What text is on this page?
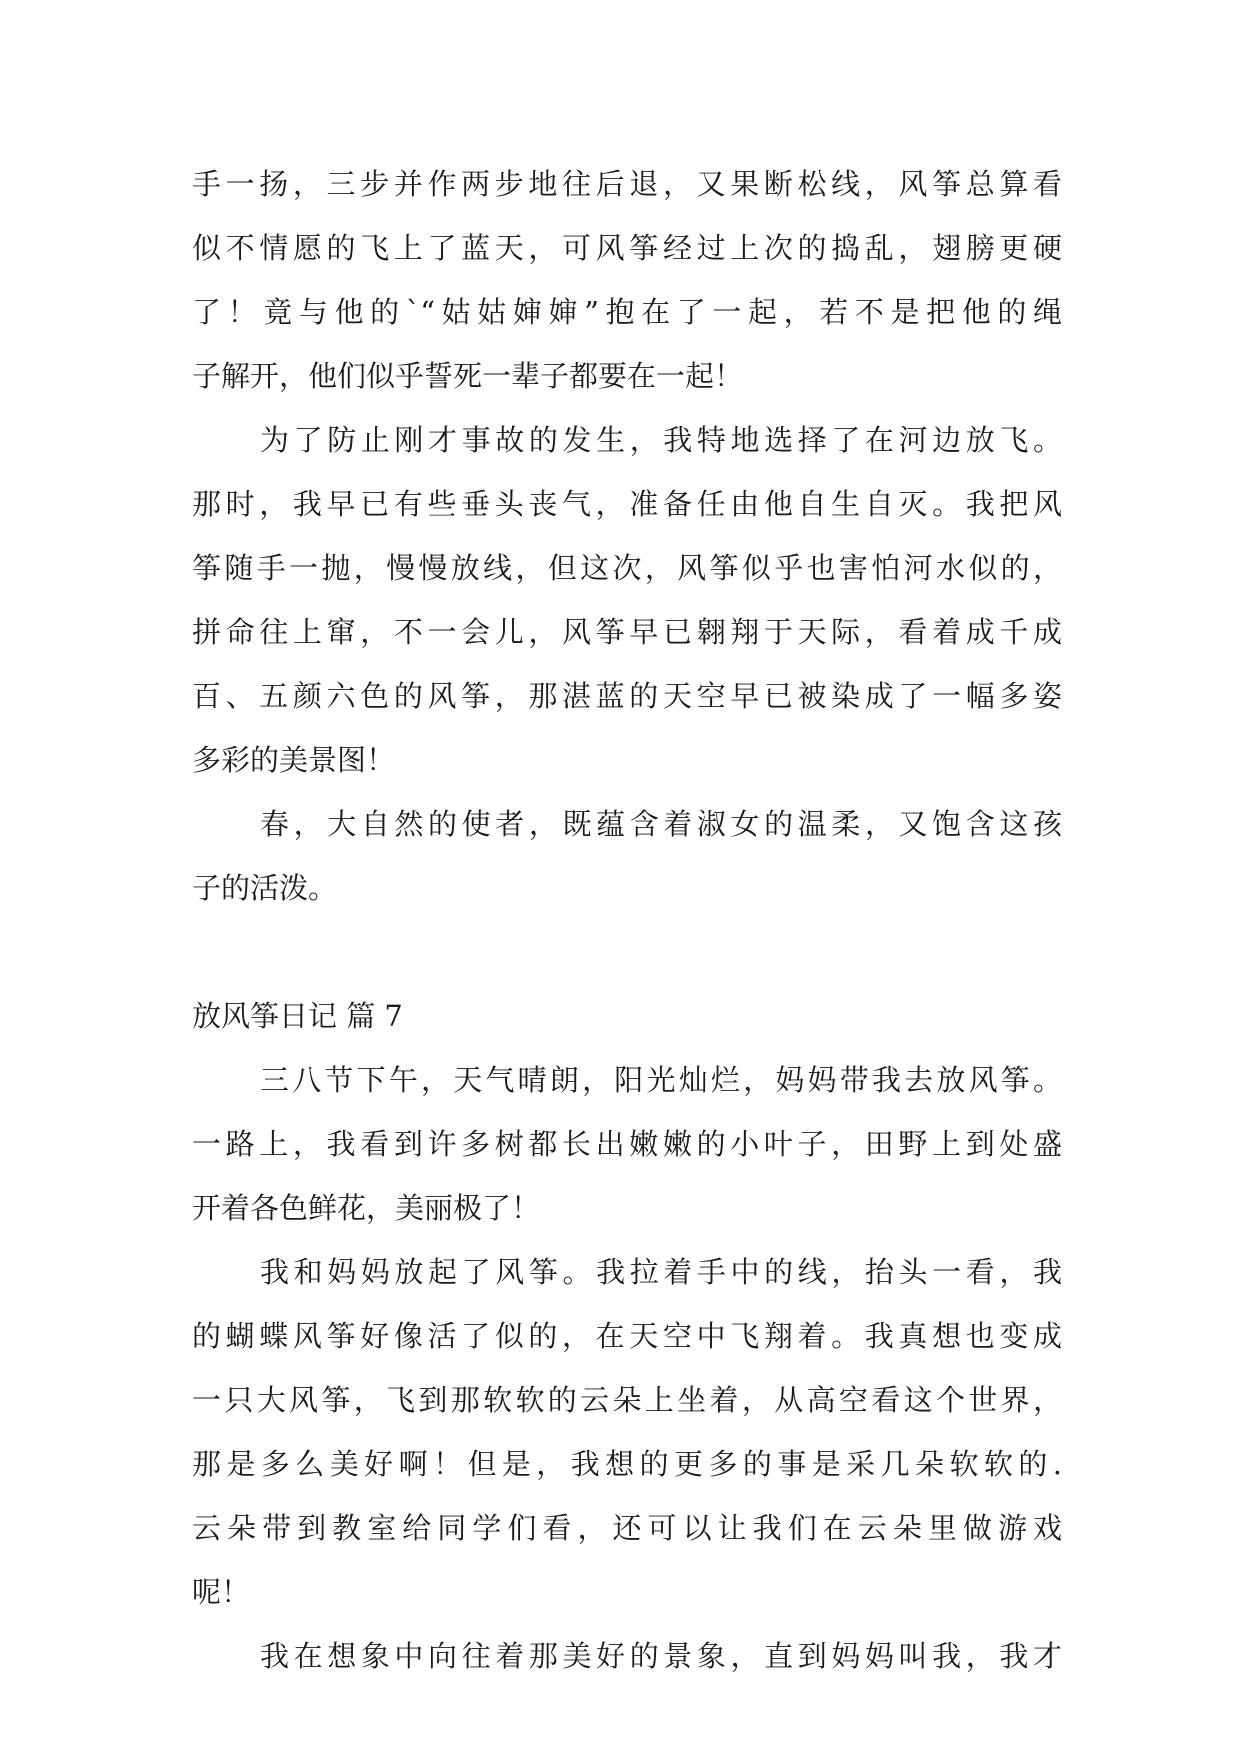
手一扬，三步并作两步地往后退，又果断松线，风筝总算看
似不情愿的飞上了蓝天，可风筝经过上次的捣乱，翅膀更硬
了！竟与他的`“姑姑婶婶”抱在了一起，若不是把他的绳
子解开，他们似乎誓死一辈子都要在一起！
为了防止刚才事故的发生，我特地选择了在河边放飞。
那时，我早已有些垂头丧气，准备任由他自生自灭。我把风
筝随手一抛，慢慢放线，但这次，风筝似乎也害怕河水似的，
拼命往上窜，不一会儿，风筝早已翱翔于天际，看着成千成
百、五颜六色的风筝，那湛蓝的天空早已被染成了一幅多姿
多彩的美景图！
春，大自然的使者，既蕴含着淑女的温柔，又饱含这孩
子的活泼。
放风筝日记 篇 7
三八节下午，天气晴朗，阳光灿烂，妈妈带我去放风筝。
一路上，我看到许多树都长出嫩嫩的小叶子，田野上到处盛
开着各色鲜花，美丽极了！
我和妈妈放起了风筝。我拉着手中的线，抬头一看，我
的蝴蝶风筝好像活了似的，在天空中飞翔着。我真想也变成
一只大风筝，飞到那软软的云朵上坐着，从高空看这个世界，
那是多么美好啊！但是，我想的更多的事是采几朵软软的.
云朵带到教室给同学们看，还可以让我们在云朵里做游戏
呢！
我在想象中向往着那美好的景象，直到妈妈叫我，我才
